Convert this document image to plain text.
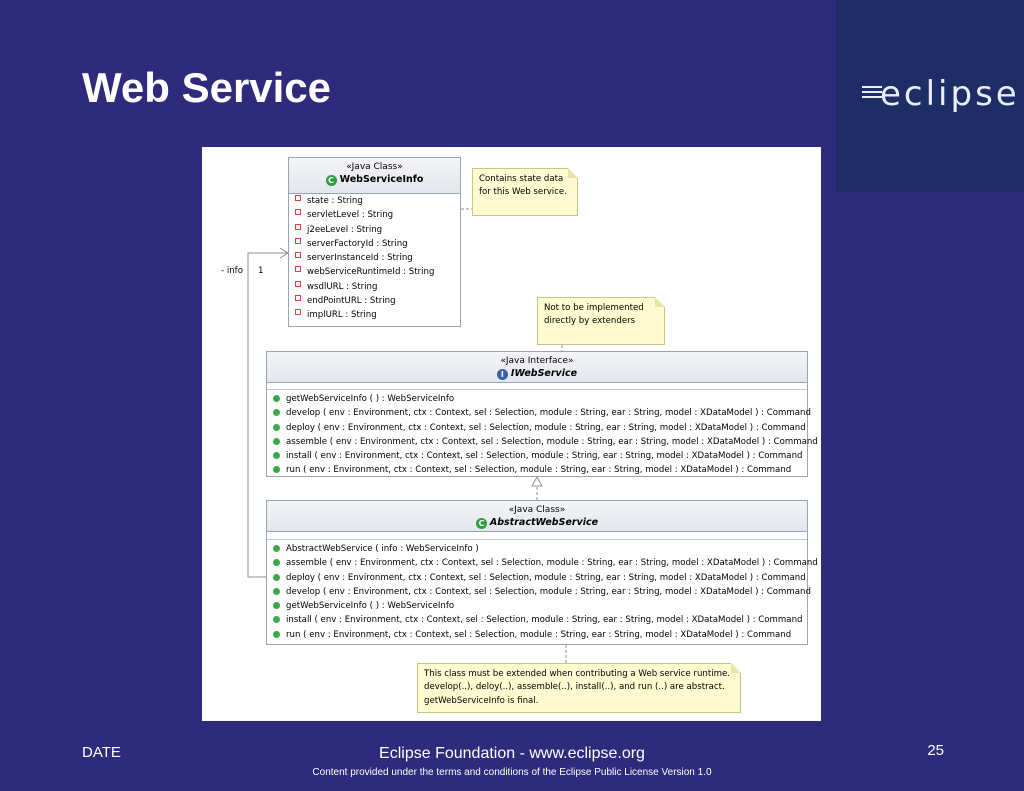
Web Service	eclipse
- info 1
«Java Class»
C WebServiceInfo
state : String
servletLevel : String
j2eeLevel : String
serverFactoryId : String
serverInstanceId : String
webServiceRuntimeId : String
wsdlURL : String
endPointURL : String
implURL : String
Contains state data for this Web service.
Not to be implemented directly by extenders
«Java Interface»
I IWebService
getWebServiceInfo ( ) : WebServiceInfo
develop ( env : Environment, ctx : Context, sel : Selection, module : String, ear : String, model : XDataModel ) : Command
deploy ( env : Environment, ctx : Context, sel : Selection, module : String, ear : String, model : XDataModel ) : Command
assemble ( env : Environment, ctx : Context, sel : Selection, module : String, ear : String, model : XDataModel ) : Command
install ( env : Environment, ctx : Context, sel : Selection, module : String, ear : String, model : XDataModel ) : Command
run ( env : Environment, ctx : Context, sel : Selection, module : String, ear : String, model : XDataModel ) : Command
«Java Class»
C AbstractWebService
AbstractWebService ( info : WebServiceInfo )
assemble ( env : Environment, ctx : Context, sel : Selection, module : String, ear : String, model : XDataModel ) : Command
deploy ( env : Environment, ctx : Context, sel : Selection, module : String, ear : String, model : XDataModel ) : Command
develop ( env : Environment, ctx : Context, sel : Selection, module : String, ear : String, model : XDataModel ) : Command
getWebServiceInfo ( ) : WebServiceInfo
install ( env : Environment, ctx : Context, sel : Selection, module : String, ear : String, model : XDataModel ) : Command
run ( env : Environment, ctx : Context, sel : Selection, module : String, ear : String, model : XDataModel ) : Command
This class must be extended when contributing a Web service runtime. develop(..), deloy(..), assemble(..), install(..), and run (..) are abstract. getWebServiceInfo is final.
DATE	Eclipse Foundation - www.eclipse.org
Content provided under the terms and conditions of the Eclipse Public License Version 1.0
25
